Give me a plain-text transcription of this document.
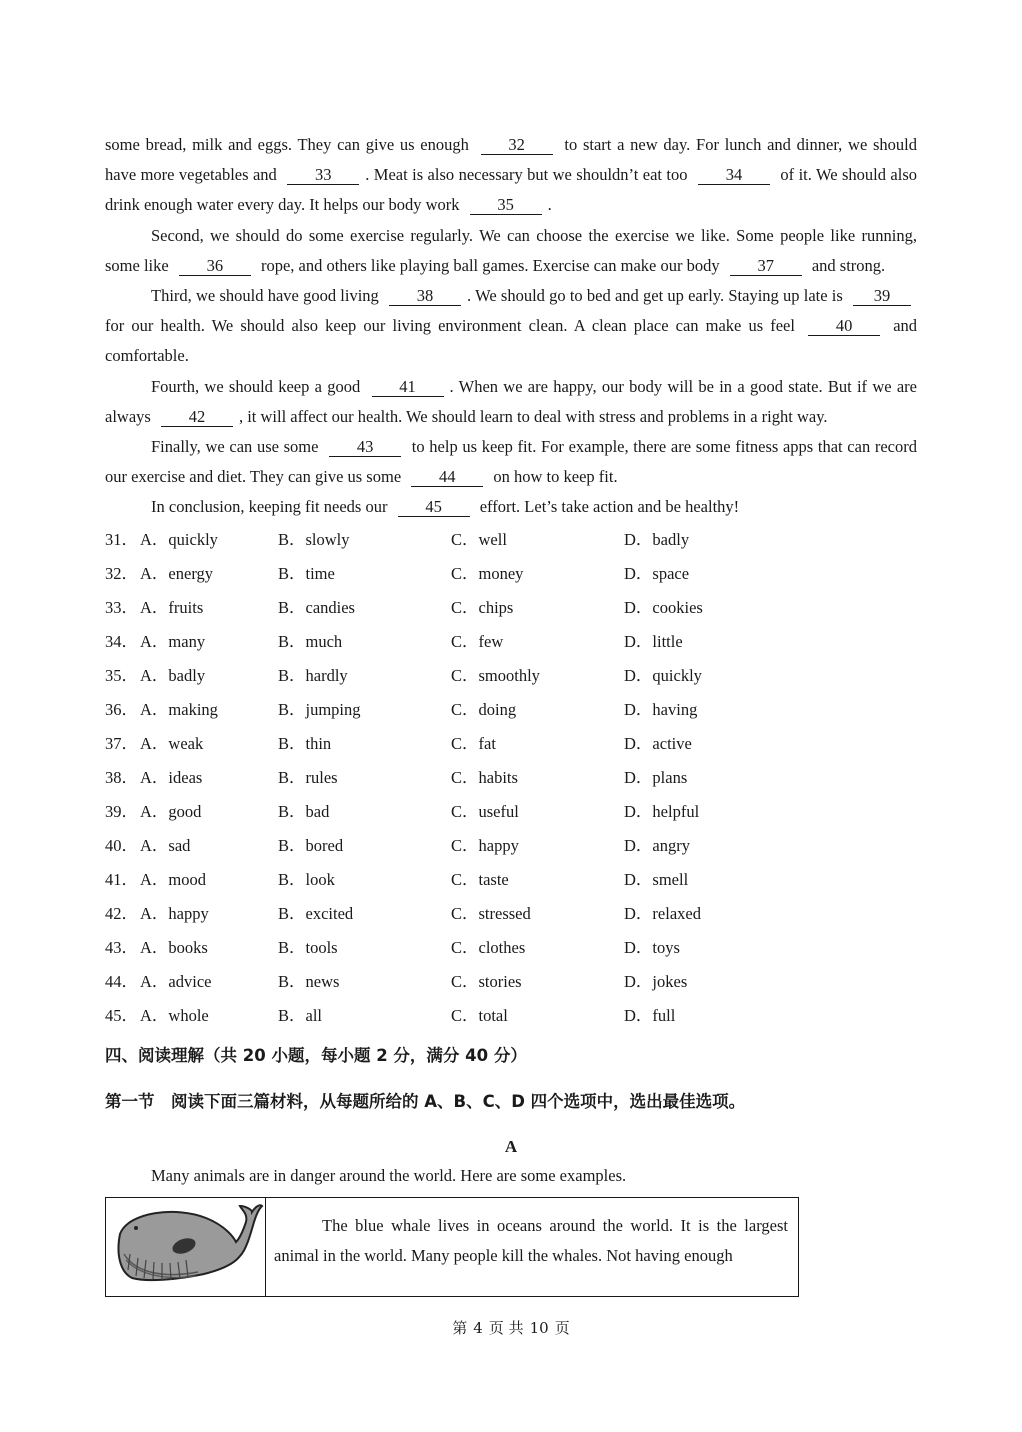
some bread, milk and eggs. They can give us enough 32 to start a new day. For lunch and dinner, we should have more vegetables and 33 . Meat is also necessary but we shouldn’t eat too 34 of it. We should also drink enough water every day. It helps our body work 35 .

Second, we should do some exercise regularly. We can choose the exercise we like. Some people like running, some like 36 rope, and others like playing ball games. Exercise can make our body 37 and strong.

Third, we should have good living 38 . We should go to bed and get up early. Staying up late is 39 for our health. We should also keep our living environment clean. A clean place can make us feel 40 and comfortable.

Fourth, we should keep a good 41 . When we are happy, our body will be in a good state. But if we are always 42 , it will affect our health. We should learn to deal with stress and problems in a right way.

Finally, we can use some 43 to help us keep fit. For example, there are some fitness apps that can record our exercise and diet. They can give us some 44 on how to keep fit.

In conclusion, keeping fit needs our 45 effort. Let’s take action and be healthy!

31． A．quickly	B．slowly	C．well	D．badly
32． A．energy	B．time	C．money	D．space
33． A．fruits	B．candies	C．chips	D．cookies
34． A．many	B．much	C．few	D．little
35． A．badly	B．hardly	C．smoothly	D．quickly
36． A．making	B．jumping	C．doing	D．having
37． A．weak	B．thin	C．fat	D．active
38． A．ideas	B．rules	C．habits	D．plans
39． A．good	B．bad	C．useful	D．helpful
40． A．sad	B．bored	C．happy	D．angry
41． A．mood	B．look	C．taste	D．smell
42． A．happy	B．excited	C．stressed	D．relaxed
43． A．books	B．tools	C．clothes	D．toys
44． A．advice	B．news	C．stories	D．jokes
45． A．whole	B．all	C．total	D．full
四、阅读理解（共 20 小题，每小题 2 分，满分 40 分）
第一节　阅读下面三篇材料，从每题所给的 A、B、C、D 四个选项中，选出最佳选项。
A
Many animals are in danger around the world. Here are some examples.

The blue whale lives in oceans around the world. It is the largest animal in the world. Many people kill the whales. Not having enough

第 4 页 共 10 页
